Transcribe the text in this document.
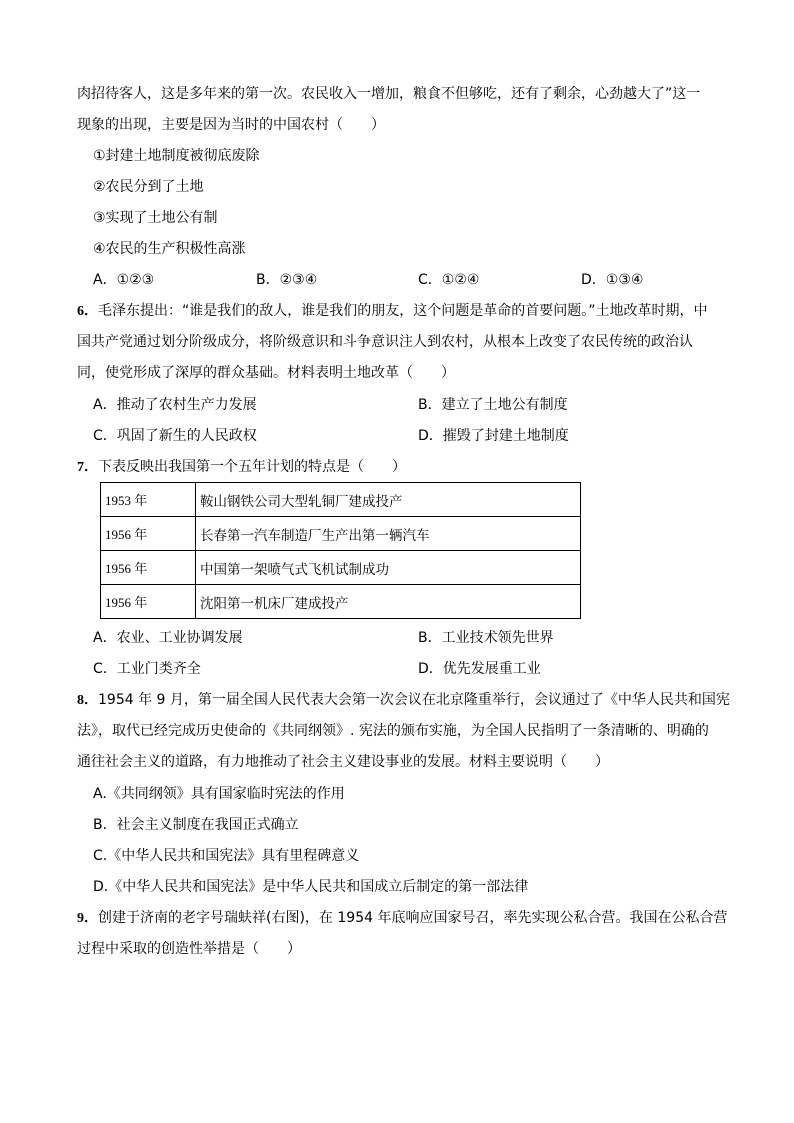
肉招待客人，这是多年来的第一次。农民收入一增加，粮食不但够吃，还有了剩余，心劲越大了”这一
现象的出现，主要是因为当时的中国农村（　　）
①封建土地制度被彻底废除
②农民分到了土地
③实现了土地公有制
④农民的生产积极性高涨
A．①②③	B．②③④	C．①②④	D．①③④
6．毛泽东提出：“谁是我们的敌人，谁是我们的朋友，这个问题是革命的首要问题。”土地改革时期，中
国共产党通过划分阶级成分，将阶级意识和斗争意识注人到农村，从根本上改变了农民传统的政治认
同，使党形成了深厚的群众基础。材料表明土地改革（　　）
A．推动了农村生产力发展	B．建立了土地公有制度
C．巩固了新生的人民政权	D．摧毁了封建土地制度
7．下表反映出我国第一个五年计划的特点是（　　）
1953 年	鞍山钢铁公司大型轧铜厂建成投产
1956 年	长春第一汽车制造厂生产出第一辆汽车
1956 年	中国第一架喷气式飞机试制成功
1956 年	沈阳第一机床厂建成投产
A．农业、工业协调发展	B．工业技术领先世界
C．工业门类齐全	D．优先发展重工业
8．1954 年 9 月，第一届全国人民代表大会第一次会议在北京隆重举行，会议通过了《中华人民共和国宪
法》，取代已经完成历史使命的《共同纲领》. 宪法的颁布实施，为全国人民指明了一条清晰的、明确的
通往社会主义的道路，有力地推动了社会主义建设事业的发展。材料主要说明（　　）
A.《共同纲领》具有国家临时宪法的作用
B．社会主义制度在我国正式确立
C.《中华人民共和国宪法》具有里程碑意义
D.《中华人民共和国宪法》是中华人民共和国成立后制定的第一部法律
9．创建于济南的老字号瑞蚨祥(右图)，在 1954 年底响应国家号召，率先实现公私合营。我国在公私合营
过程中采取的创造性举措是（　　）
